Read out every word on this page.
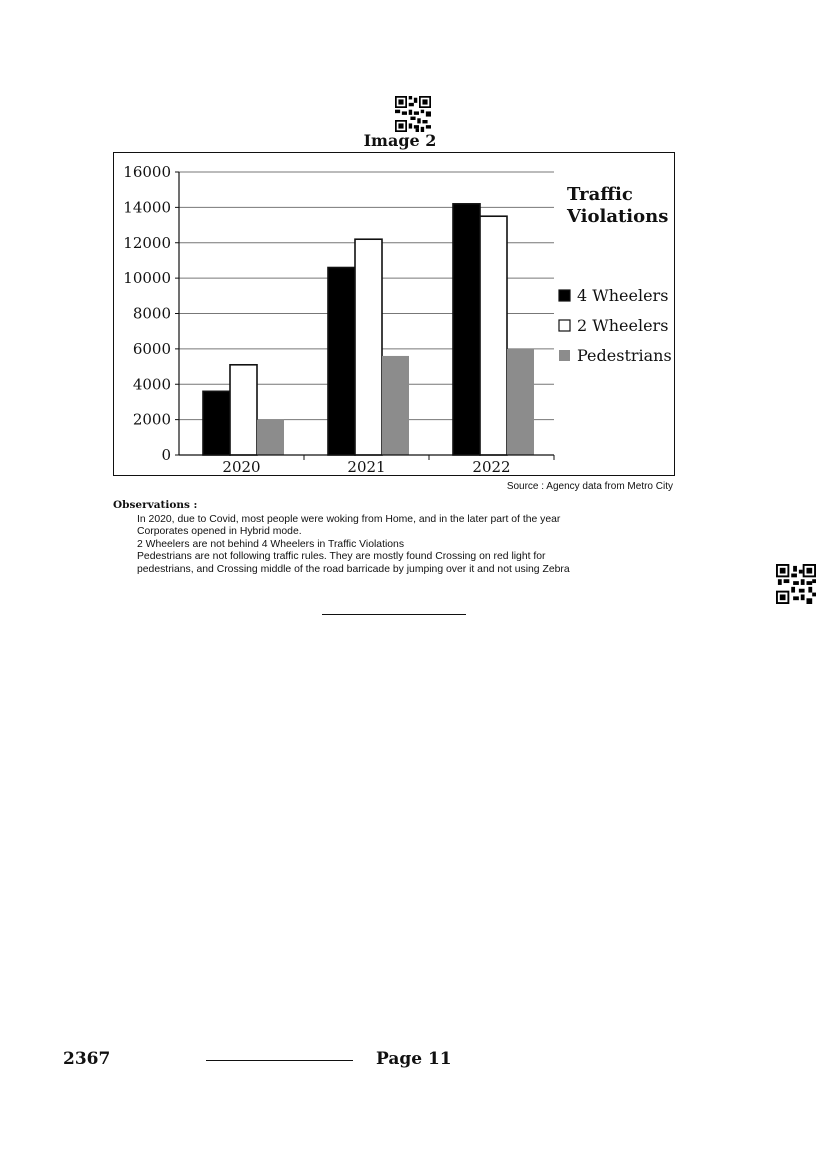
Image 2
0
2000
4000
6000
8000
10000
12000
14000
16000
2020	2021	2022
Traffic
Violations
4 Wheelers
2 Wheelers
Pedestrians
Source : Agency data from Metro City
Observations :
In 2020, due to Covid, most people were woking from Home, and in the later part of the year
Corporates opened in Hybrid mode.
2 Wheelers are not behind 4 Wheelers in Traffic Violations
Pedestrians are not following traffic rules. They are mostly found Crossing on red light for
pedestrians, and Crossing middle of the road barricade by jumping over it and not using Zebra
2367	Page 11
